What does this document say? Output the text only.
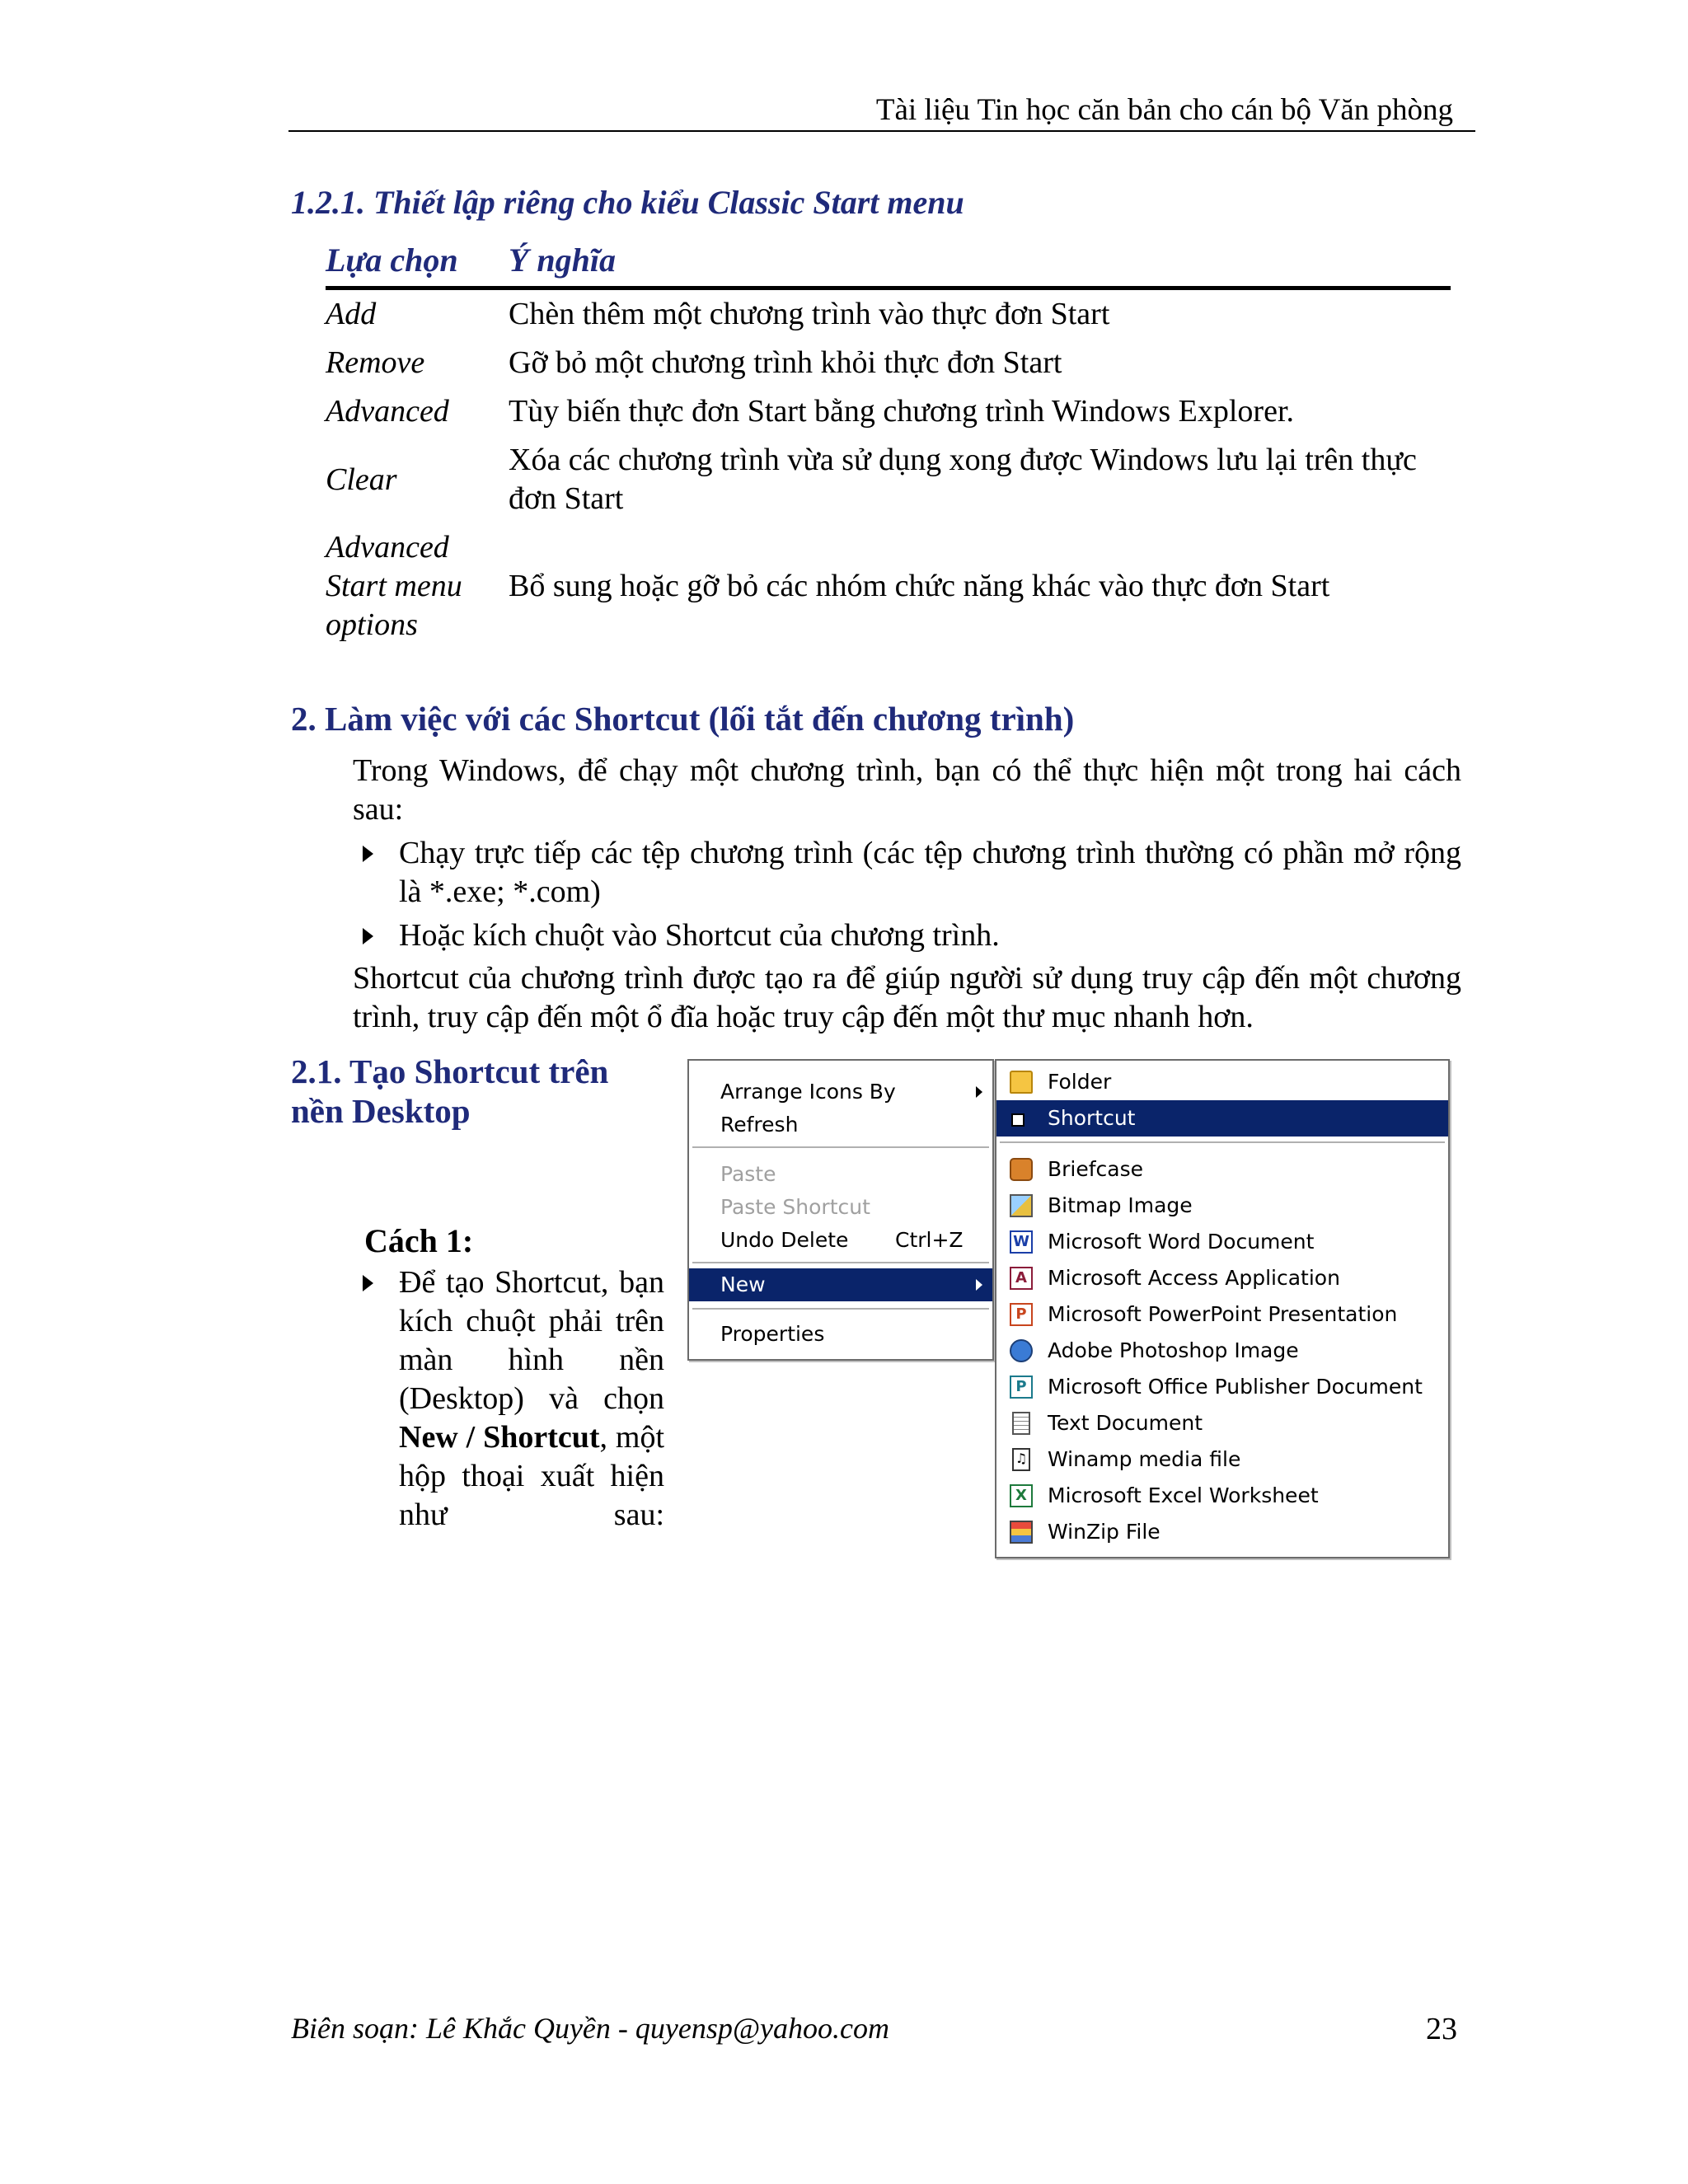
Tài liệu Tin học căn bản cho cán bộ Văn phòng
1.2.1. Thiết lập riêng cho kiểu Classic Start menu
Lựa chọn	Ý nghĩa
Add	Chèn thêm một chương trình vào thực đơn Start
Remove	Gỡ bỏ một chương trình khỏi thực đơn Start
Advanced	Tùy biến thực đơn Start bằng chương trình Windows Explorer.
Clear	Xóa các chương trình vừa sử dụng xong được Windows lưu lại trên thực đơn Start
Advanced Start menu options	Bổ sung hoặc gỡ bỏ các nhóm chức năng khác vào thực đơn Start
2. Làm việc với các Shortcut (lối tắt đến chương trình)
Trong Windows, để chạy một chương trình, bạn có thể thực hiện một trong hai cách sau:
Chạy trực tiếp các tệp chương trình (các tệp chương trình thường có phần mở rộng là *.exe; *.com)
Hoặc kích chuột vào Shortcut của chương trình.
Shortcut của chương trình được tạo ra để giúp người sử dụng truy cập đến một chương trình, truy cập đến một ổ đĩa hoặc truy cập đến một thư mục nhanh hơn.
2.1. Tạo Shortcut trên nền Desktop
Cách 1:
Để tạo Shortcut, bạn kích chuột phải trên màn hình nền (Desktop) và chọn New / Shortcut, một hộp thoại xuất hiện như sau:
Arrange Icons By
Refresh
Paste
Paste Shortcut
Undo Delete Ctrl+Z
New
Properties
Folder
Shortcut
Briefcase
Bitmap Image
W Microsoft Word Document
A Microsoft Access Application
P Microsoft PowerPoint Presentation
Adobe Photoshop Image
P Microsoft Office Publisher Document
Text Document
♫ Winamp media file
X Microsoft Excel Worksheet
WinZip File
Biên soạn: Lê Khắc Quyền - quyensp@yahoo.com	23
